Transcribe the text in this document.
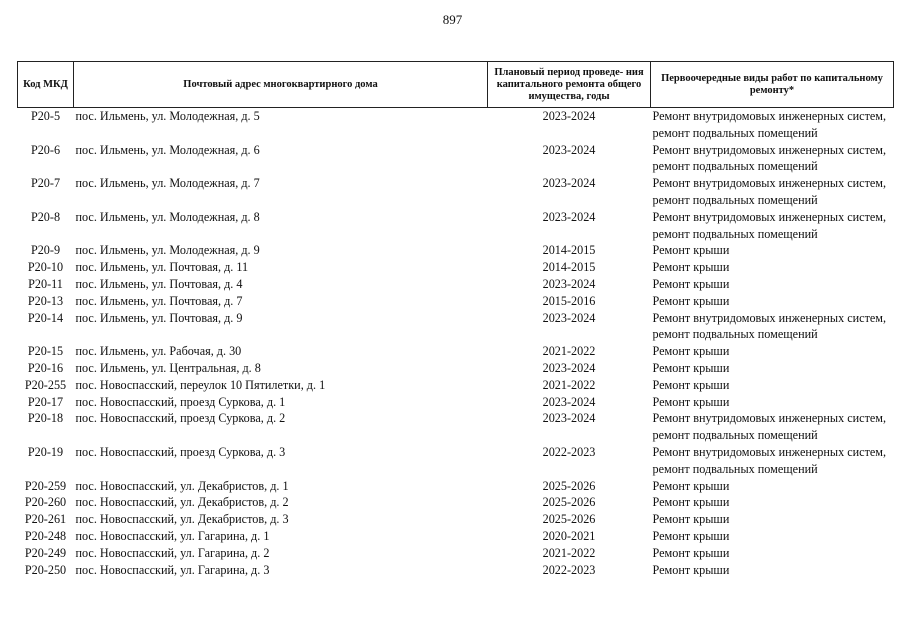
897
Код МКД	Почтовый адрес многоквартирного дома	Плановый период проведе- ния капитального ремонта общего имущества, годы	Первоочередные виды работ по капитальному ремонту*
Р20-5	пос. Ильмень, ул. Молодежная, д. 5	2023-2024	Ремонт внутридомовых инженерных систем,
ремонт подвальных помещений

Р20-6	пос. Ильмень, ул. Молодежная, д. 6	2023-2024	Ремонт внутридомовых инженерных систем,
ремонт подвальных помещений

Р20-7	пос. Ильмень, ул. Молодежная, д. 7	2023-2024	Ремонт внутридомовых инженерных систем,
ремонт подвальных помещений

Р20-8	пос. Ильмень, ул. Молодежная, д. 8	2023-2024	Ремонт внутридомовых инженерных систем,
ремонт подвальных помещений

Р20-9	пос. Ильмень, ул. Молодежная, д. 9	2014-2015	Ремонт крыши

Р20-10	пос. Ильмень, ул. Почтовая, д. 11	2014-2015	Ремонт крыши

Р20-11	пос. Ильмень, ул. Почтовая, д. 4	2023-2024	Ремонт крыши

Р20-13	пос. Ильмень, ул. Почтовая, д. 7	2015-2016	Ремонт крыши

Р20-14	пос. Ильмень, ул. Почтовая, д. 9	2023-2024	Ремонт внутридомовых инженерных систем,
ремонт подвальных помещений

Р20-15	пос. Ильмень, ул. Рабочая, д. 30	2021-2022	Ремонт крыши

Р20-16	пос. Ильмень, ул. Центральная, д. 8	2023-2024	Ремонт крыши

Р20-255	пос. Новоспасский, переулок 10 Пятилетки, д. 1	2021-2022	Ремонт крыши

Р20-17	пос. Новоспасский, проезд Суркова, д. 1	2023-2024	Ремонт крыши

Р20-18	пос. Новоспасский, проезд Суркова, д. 2	2023-2024	Ремонт внутридомовых инженерных систем,
ремонт подвальных помещений

Р20-19	пос. Новоспасский, проезд Суркова, д. 3	2022-2023	Ремонт внутридомовых инженерных систем,
ремонт подвальных помещений

Р20-259	пос. Новоспасский, ул. Декабристов, д. 1	2025-2026	Ремонт крыши

Р20-260	пос. Новоспасский, ул. Декабристов, д. 2	2025-2026	Ремонт крыши

Р20-261	пос. Новоспасский, ул. Декабристов, д. 3	2025-2026	Ремонт крыши

Р20-248	пос. Новоспасский, ул. Гагарина, д. 1	2020-2021	Ремонт крыши

Р20-249	пос. Новоспасский, ул. Гагарина, д. 2	2021-2022	Ремонт крыши

Р20-250	пос. Новоспасский, ул. Гагарина, д. 3	2022-2023	Ремонт крыши
